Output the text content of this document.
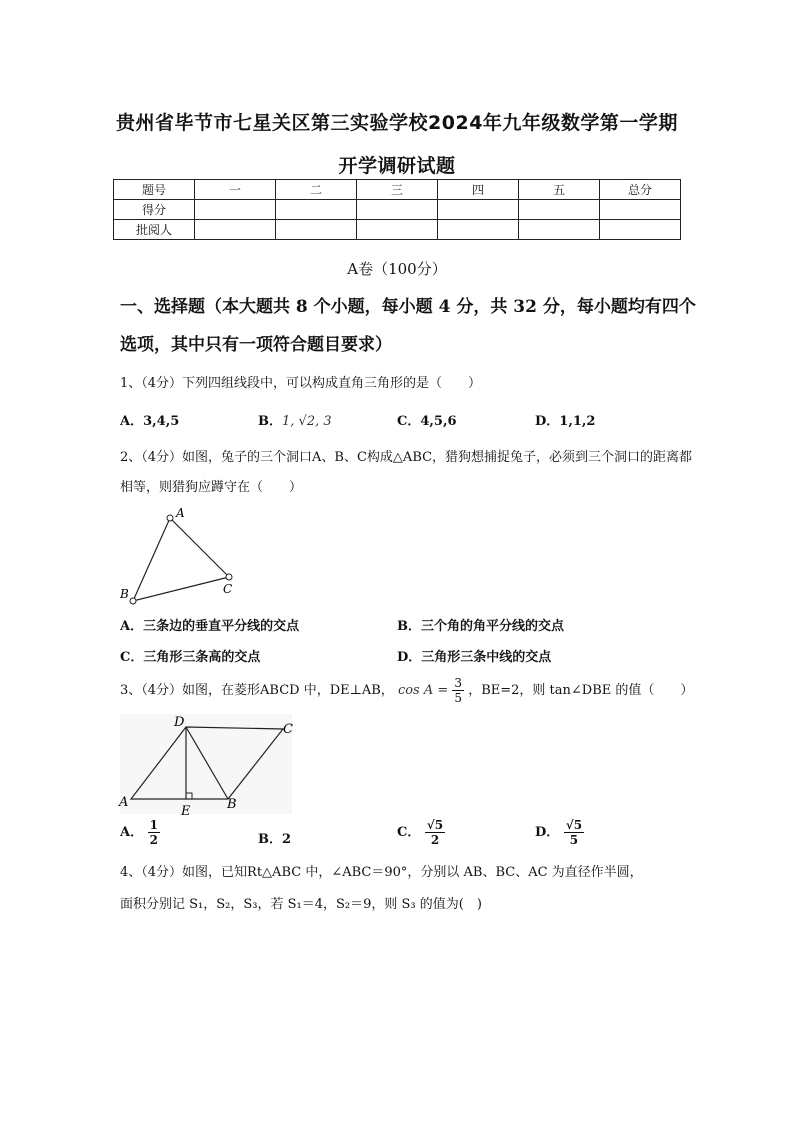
贵州省毕节市七星关区第三实验学校2024年九年级数学第一学期
开学调研试题
题号	一	二	三	四	五	总分
得分						
批阅人						
A卷（100分）
一、选择题（本大题共 8 个小题，每小题 4 分，共 32 分，每小题均有四个选项，其中只有一项符合题目要求）
1、（4分）下列四组线段中，可以构成直角三角形的是（　　）
A．3,4,5	B．1, √2, 3	C．4,5,6	D．1,1,2
2、（4分）如图，兔子的三个洞口A、B、C构成△ABC，猎狗想捕捉兔子，必须到三个洞口的距离都相等，则猎狗应蹲守在（　　）
A
B	C
A．三条边的垂直平分线的交点	B．三个角的角平分线的交点
C．三角形三条高的交点	D．三角形三条中线的交点
3、（4分）如图，在菱形ABCD 中，DE⊥AB， $\cos A = \frac{3}{5}$ ，BE=2，则 tan∠DBE 的值（　　）
D	C
A
E	B
A． $\frac{1}{2}$	B．2	C． $\frac{√5}{2}$	D． $\frac{√5}{5}$
4、（4分）如图，已知Rt△ABC 中，∠ABC＝90°，分别以 AB、BC、AC 为直径作半圆，
面积分别记 S₁，S₂，S₃，若 S₁＝4，S₂＝9，则 S₃ 的值为(　)
